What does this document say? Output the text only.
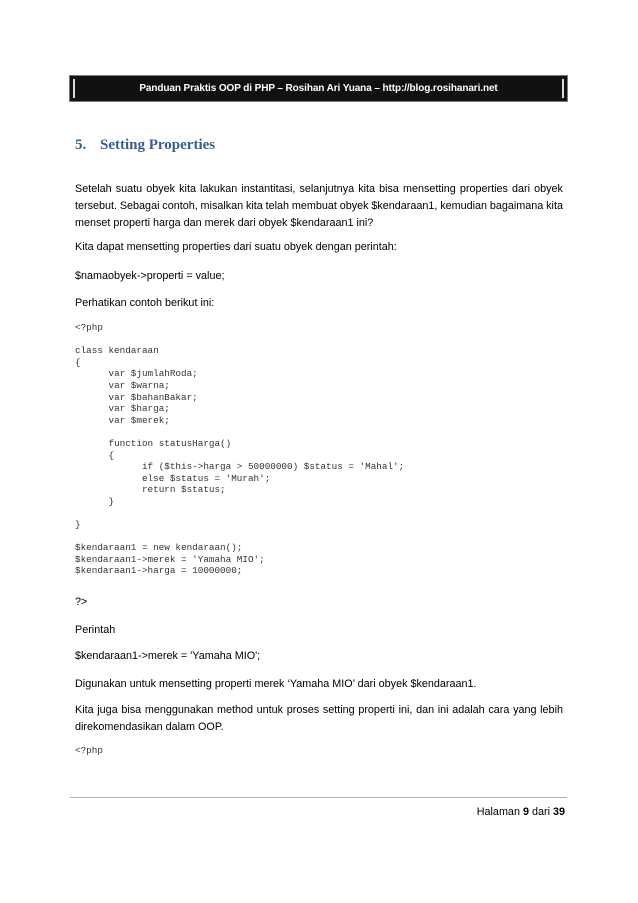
Panduan Praktis OOP di PHP – Rosihan Ari Yuana – http://blog.rosihanari.net
5. Setting Properties
Setelah suatu obyek kita lakukan instantitasi, selanjutnya kita bisa mensetting properties dari obyek
tersebut. Sebagai contoh, misalkan kita telah membuat obyek $kendaraan1, kemudian bagaimana kita
menset properti harga dan merek dari obyek $kendaraan1 ini?
Kita dapat mensetting properties dari suatu obyek dengan perintah:
$namaobyek->properti = value;
Perhatikan contoh berikut ini:
<?php

class kendaraan
{
	var $jumlahRoda;
	var $warna;
	var $bahanBakar;
	var $harga;
	var $merek;

	function statusHarga()
	{
		if ($this->harga > 50000000) $status = 'Mahal';
		else $status = 'Murah';
		return $status;
	}

}

$kendaraan1 = new kendaraan();
$kendaraan1->merek = 'Yamaha MIO';
$kendaraan1->harga = 10000000;
?>
Perintah
$kendaraan1->merek = 'Yamaha MIO';
Digunakan untuk mensetting properti merek ‘Yamaha MIO’ dari obyek $kendaraan1.
Kita juga bisa menggunakan method untuk proses setting properti ini, dan ini adalah cara yang lebih
direkomendasikan dalam OOP.
<?php
Halaman 9 dari 39
